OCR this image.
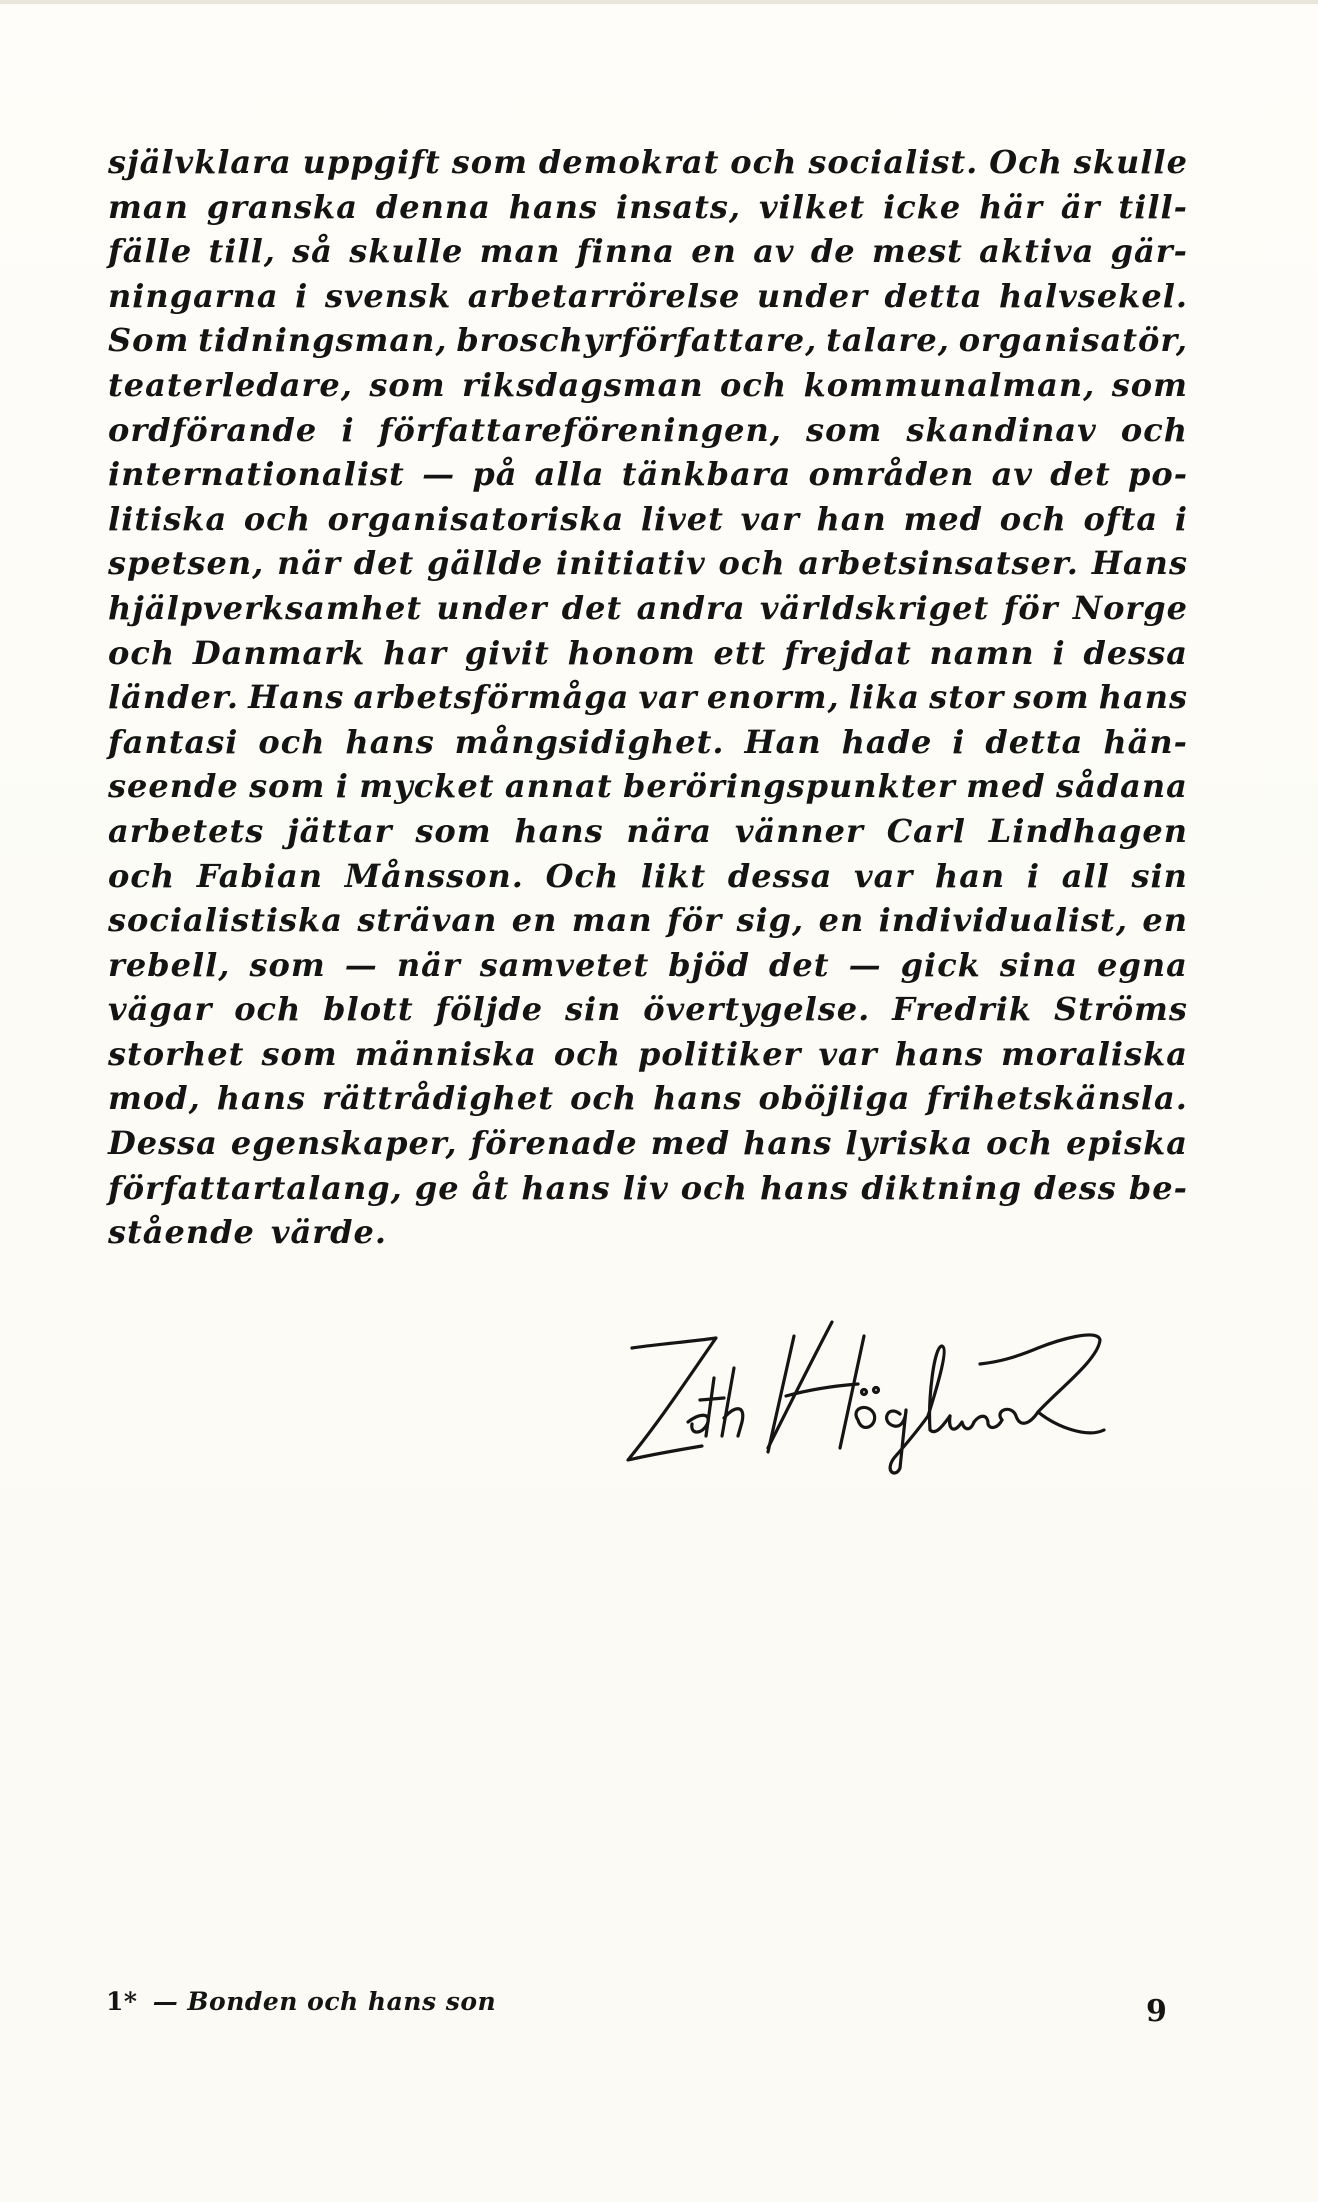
självklara uppgift som demokrat och socialist. Och skulle
man granska denna hans insats, vilket icke här är till-
fälle till, så skulle man finna en av de mest aktiva gär-
ningarna i svensk arbetarrörelse under detta halvsekel.
Som tidningsman, broschyrförfattare, talare, organisatör,
teaterledare, som riksdagsman och kommunalman, som
ordförande i författareföreningen, som skandinav och
internationalist — på alla tänkbara områden av det po-
litiska och organisatoriska livet var han med och ofta i
spetsen, när det gällde initiativ och arbetsinsatser. Hans
hjälpverksamhet under det andra världskriget för Norge
och Danmark har givit honom ett frejdat namn i dessa
länder. Hans arbetsförmåga var enorm, lika stor som hans
fantasi och hans mångsidighet. Han hade i detta hän-
seende som i mycket annat beröringspunkter med sådana
arbetets jättar som hans nära vänner Carl Lindhagen
och Fabian Månsson. Och likt dessa var han i all sin
socialistiska strävan en man för sig, en individualist, en
rebell, som — när samvetet bjöd det — gick sina egna
vägar och blott följde sin övertygelse. Fredrik Ströms
storhet som människa och politiker var hans moraliska
mod, hans rättrådighet och hans oböjliga frihetskänsla.
Dessa egenskaper, förenade med hans lyriska och episka
författartalang, ge åt hans liv och hans diktning dess be-
stående värde.
1* — Bonden och hans son	9
